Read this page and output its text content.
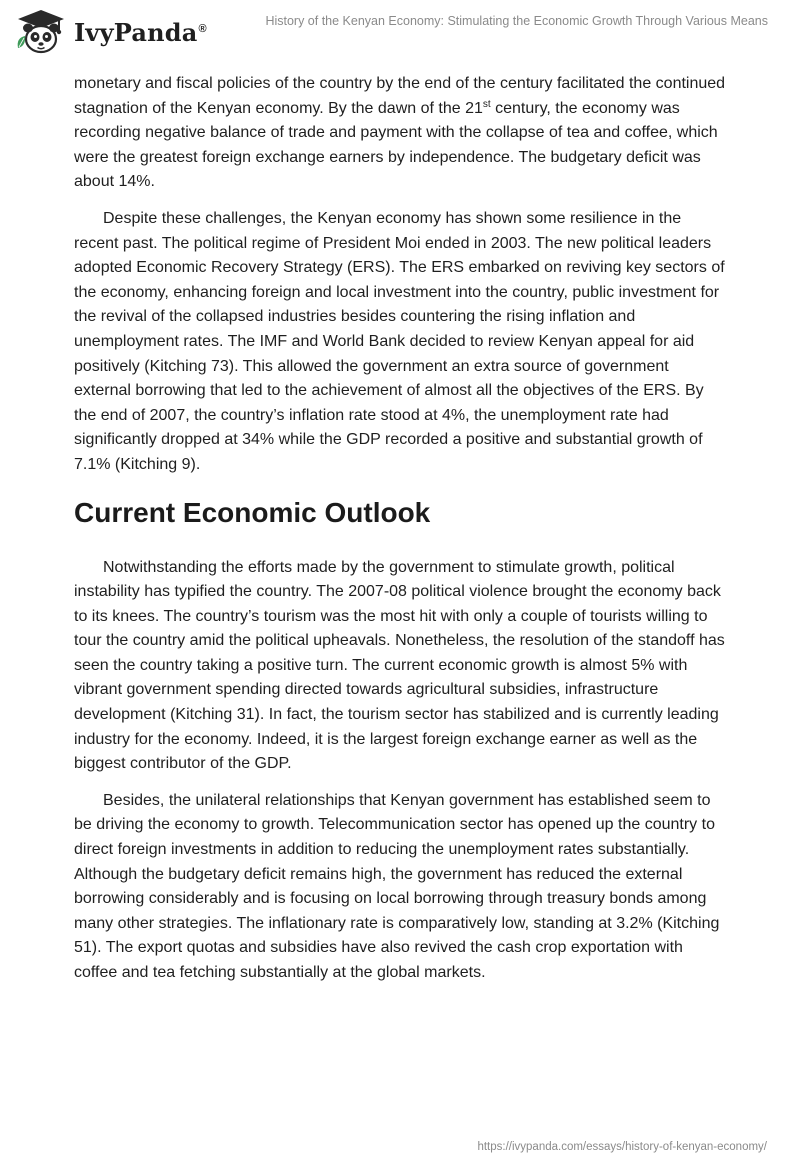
IvyPanda®
History of the Kenyan Economy: Stimulating the Economic Growth Through Various Means

monetary and fiscal policies of the country by the end of the century facilitated the continued stagnation of the Kenyan economy. By the dawn of the 21st century, the economy was recording negative balance of trade and payment with the collapse of tea and coffee, which were the greatest foreign exchange earners by independence. The budgetary deficit was about 14%.

Despite these challenges, the Kenyan economy has shown some resilience in the recent past. The political regime of President Moi ended in 2003. The new political leaders adopted Economic Recovery Strategy (ERS). The ERS embarked on reviving key sectors of the economy, enhancing foreign and local investment into the country, public investment for the revival of the collapsed industries besides countering the rising inflation and unemployment rates. The IMF and World Bank decided to review Kenyan appeal for aid positively (Kitching 73). This allowed the government an extra source of government external borrowing that led to the achievement of almost all the objectives of the ERS. By the end of 2007, the country’s inflation rate stood at 4%, the unemployment rate had significantly dropped at 34% while the GDP recorded a positive and substantial growth of 7.1% (Kitching 9).

Current Economic Outlook

Notwithstanding the efforts made by the government to stimulate growth, political instability has typified the country. The 2007-08 political violence brought the economy back to its knees. The country’s tourism was the most hit with only a couple of tourists willing to tour the country amid the political upheavals. Nonetheless, the resolution of the standoff has seen the country taking a positive turn. The current economic growth is almost 5% with vibrant government spending directed towards agricultural subsidies, infrastructure development (Kitching 31). In fact, the tourism sector has stabilized and is currently leading industry for the economy. Indeed, it is the largest foreign exchange earner as well as the biggest contributor of the GDP.

Besides, the unilateral relationships that Kenyan government has established seem to be driving the economy to growth. Telecommunication sector has opened up the country to direct foreign investments in addition to reducing the unemployment rates substantially. Although the budgetary deficit remains high, the government has reduced the external borrowing considerably and is focusing on local borrowing through treasury bonds among many other strategies. The inflationary rate is comparatively low, standing at 3.2% (Kitching 51). The export quotas and subsidies have also revived the cash crop exportation with coffee and tea fetching substantially at the global markets.

https://ivypanda.com/essays/history-of-kenyan-economy/
